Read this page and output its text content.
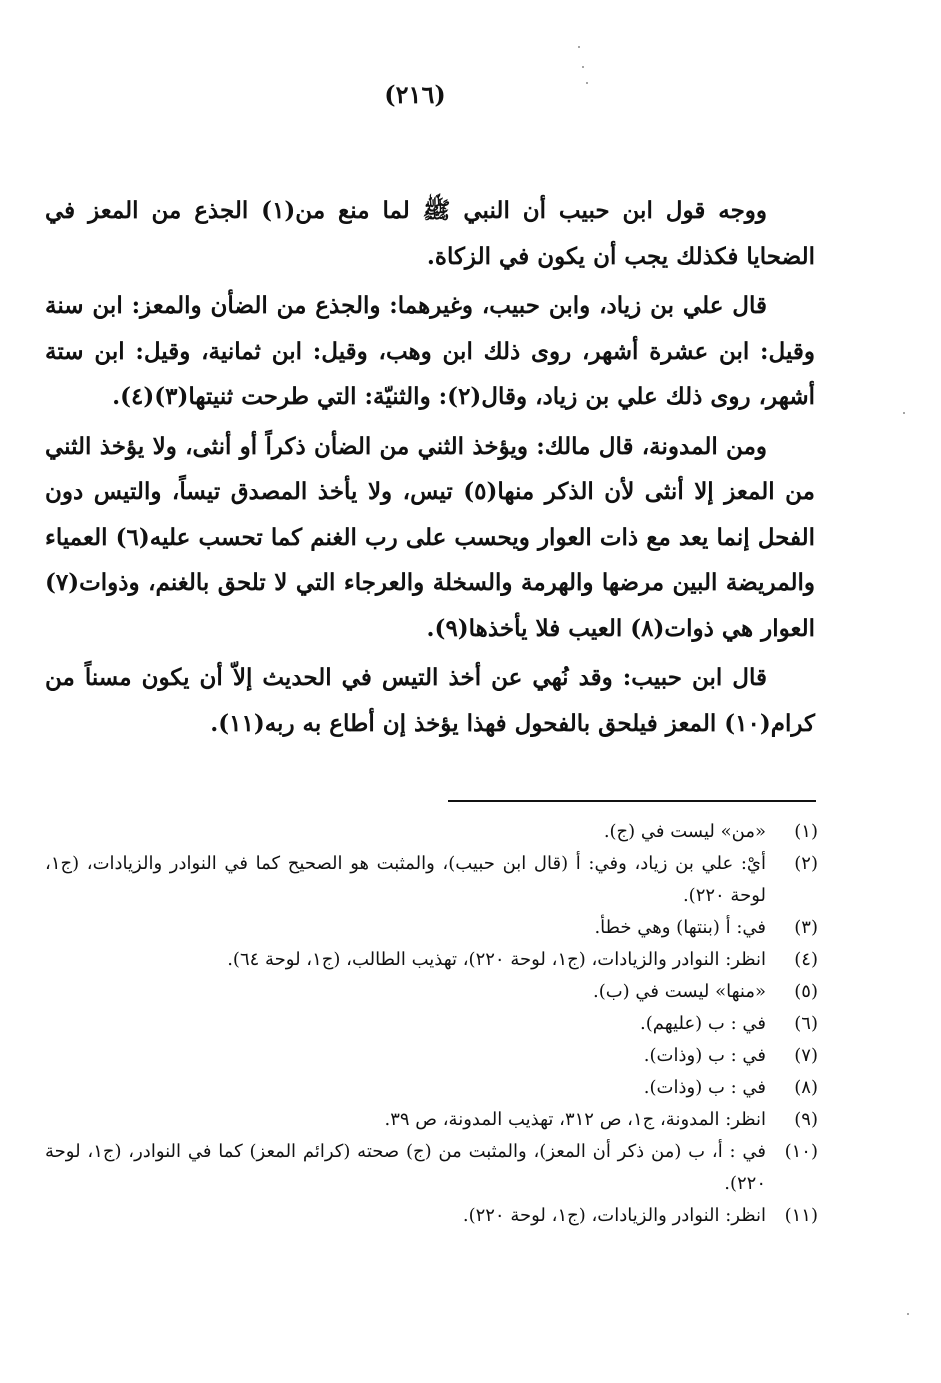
(٢١٦)

ووجه قول ابن حبيب أن النبي ﷺ لما منع من(١) الجذع من المعز في الضحايا فكذلك يجب أن يكون في الزكاة.

قال علي بن زياد، وابن حبيب، وغيرهما: والجذع من الضأن والمعز: ابن سنة وقيل: ابن عشرة أشهر، روى ذلك ابن وهب، وقيل: ابن ثمانية، وقيل: ابن ستة أشهر، روى ذلك علي بن زياد، وقال(٢): والثنيّة: التي طرحت ثنيتها(٣)(٤).

ومن المدونة، قال مالك: ويؤخذ الثني من الضأن ذكراً أو أنثى، ولا يؤخذ الثني من المعز إلا أنثى لأن الذكر منها(٥) تيس، ولا يأخذ المصدق تيساً، والتيس دون الفحل إنما يعد مع ذات العوار ويحسب على رب الغنم كما تحسب عليه(٦) العمياء والمريضة البين مرضها والهرمة والسخلة والعرجاء التي لا تلحق بالغنم، وذوات(٧) العوار هي ذوات(٨) العيب فلا يأخذها(٩).

قال ابن حبيب: وقد نُهي عن أخذ التيس في الحديث إلاّ أن يكون مسناً من كرام(١٠) المعز فيلحق بالفحول فهذا يؤخذ إن أطاع به ربه(١١).

(١)
«من» ليست في (ج).
(٢)
أيْ: علي بن زياد، وفي: أ (قال ابن حبيب)، والمثبت هو الصحيح كما في النوادر والزيادات، (ج١، لوحة ٢٢٠).
(٣)
في: أ (بنتها) وهي خطأ.
(٤)
انظر: النوادر والزيادات، (ج١، لوحة ٢٢٠)، تهذيب الطالب، (ج١، لوحة ٦٤).
(٥)
«منها» ليست في (ب).
(٦)
في : ب (عليهم).
(٧)
في : ب (وذات).
(٨)
في : ب (وذات).
(٩)
انظر: المدونة، ج١، ص ٣١٢، تهذيب المدونة، ص ٣٩.
(١٠)
في : أ، ب (من ذكر أن المعز)، والمثبت من (ج) صحته (كرائم المعز) كما في النوادر، (ج١، لوحة ٢٢٠).
(١١)
انظر: النوادر والزيادات، (ج١، لوحة ٢٢٠).
